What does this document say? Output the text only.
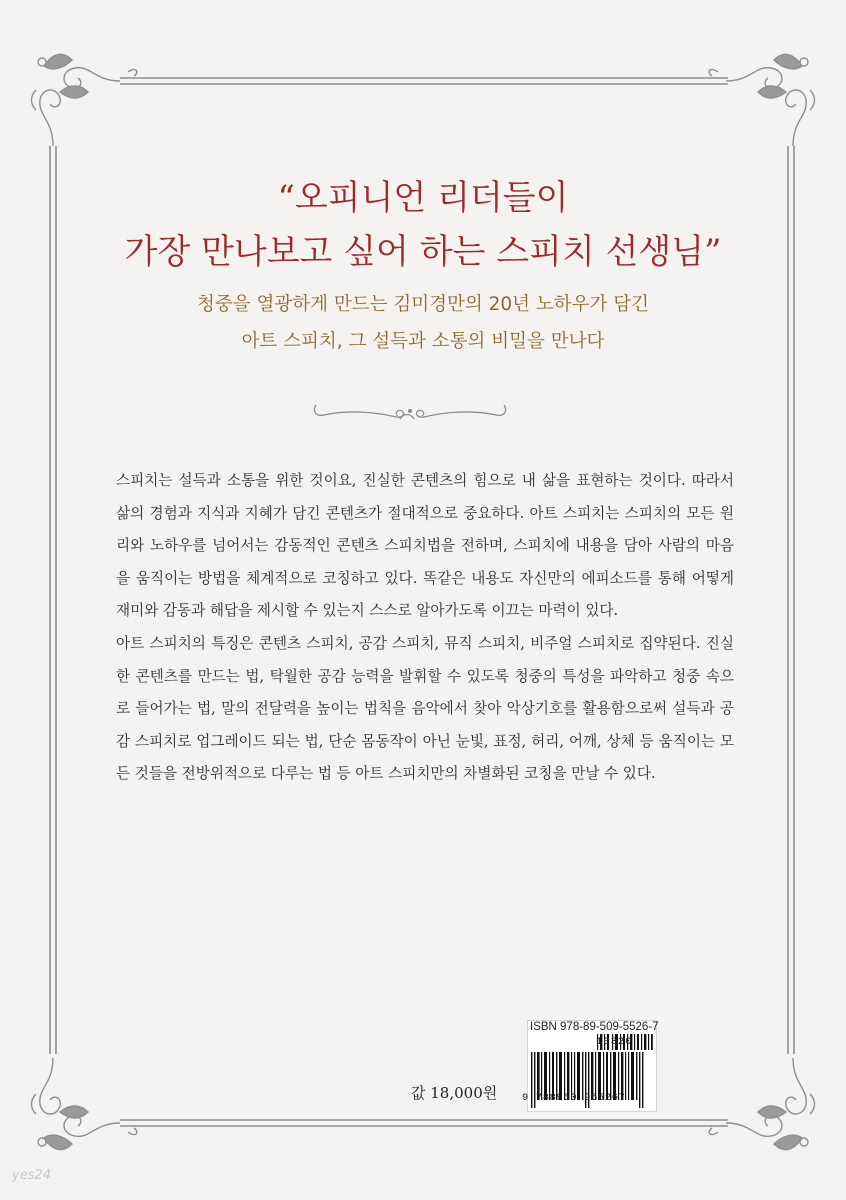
“오피니언 리더들이
가장 만나보고 싶어 하는 스피치 선생님”
청중을 열광하게 만드는 김미경만의 20년 노하우가 담긴
아트 스피치, 그 설득과 소통의 비밀을 만나다

스피치는 설득과 소통을 위한 것이요, 진실한 콘텐츠의 힘으로 내 삶을 표현하는 것이다. 따라서 삶의 경험과 지식과 지혜가 담긴 콘텐츠가 절대적으로 중요하다. 아트 스피치는 스피치의 모든 원리와 노하우를 넘어서는 감동적인 콘텐츠 스피치법을 전하며, 스피치에 내용을 담아 사람의 마음을 움직이는 방법을 체계적으로 코칭하고 있다. 똑같은 내용도 자신만의 에피소드를 통해 어떻게 재미와 감동과 해답을 제시할 수 있는지 스스로 알아가도록 이끄는 마력이 있다.

아트 스피치의 특징은 콘텐츠 스피치, 공감 스피치, 뮤직 스피치, 비주얼 스피치로 집약된다. 진실한 콘텐츠를 만드는 법, 탁월한 공감 능력을 발휘할 수 있도록 청중의 특성을 파악하고 청중 속으로 들어가는 법, 말의 전달력을 높이는 법칙을 음악에서 찾아 악상기호를 활용함으로써 설득과 공감 스피치로 업그레이드 되는 법, 단순 몸동작이 아닌 눈빛, 표정, 허리, 어깨, 상체 등 움직이는 모든 것들을 전방위적으로 다루는 법 등 아트 스피치만의 차별화된 코칭을 만날 수 있다.

ISBN 978-89-509-5526-7
13320
9 788950 955267
값 18,000원
yes24
